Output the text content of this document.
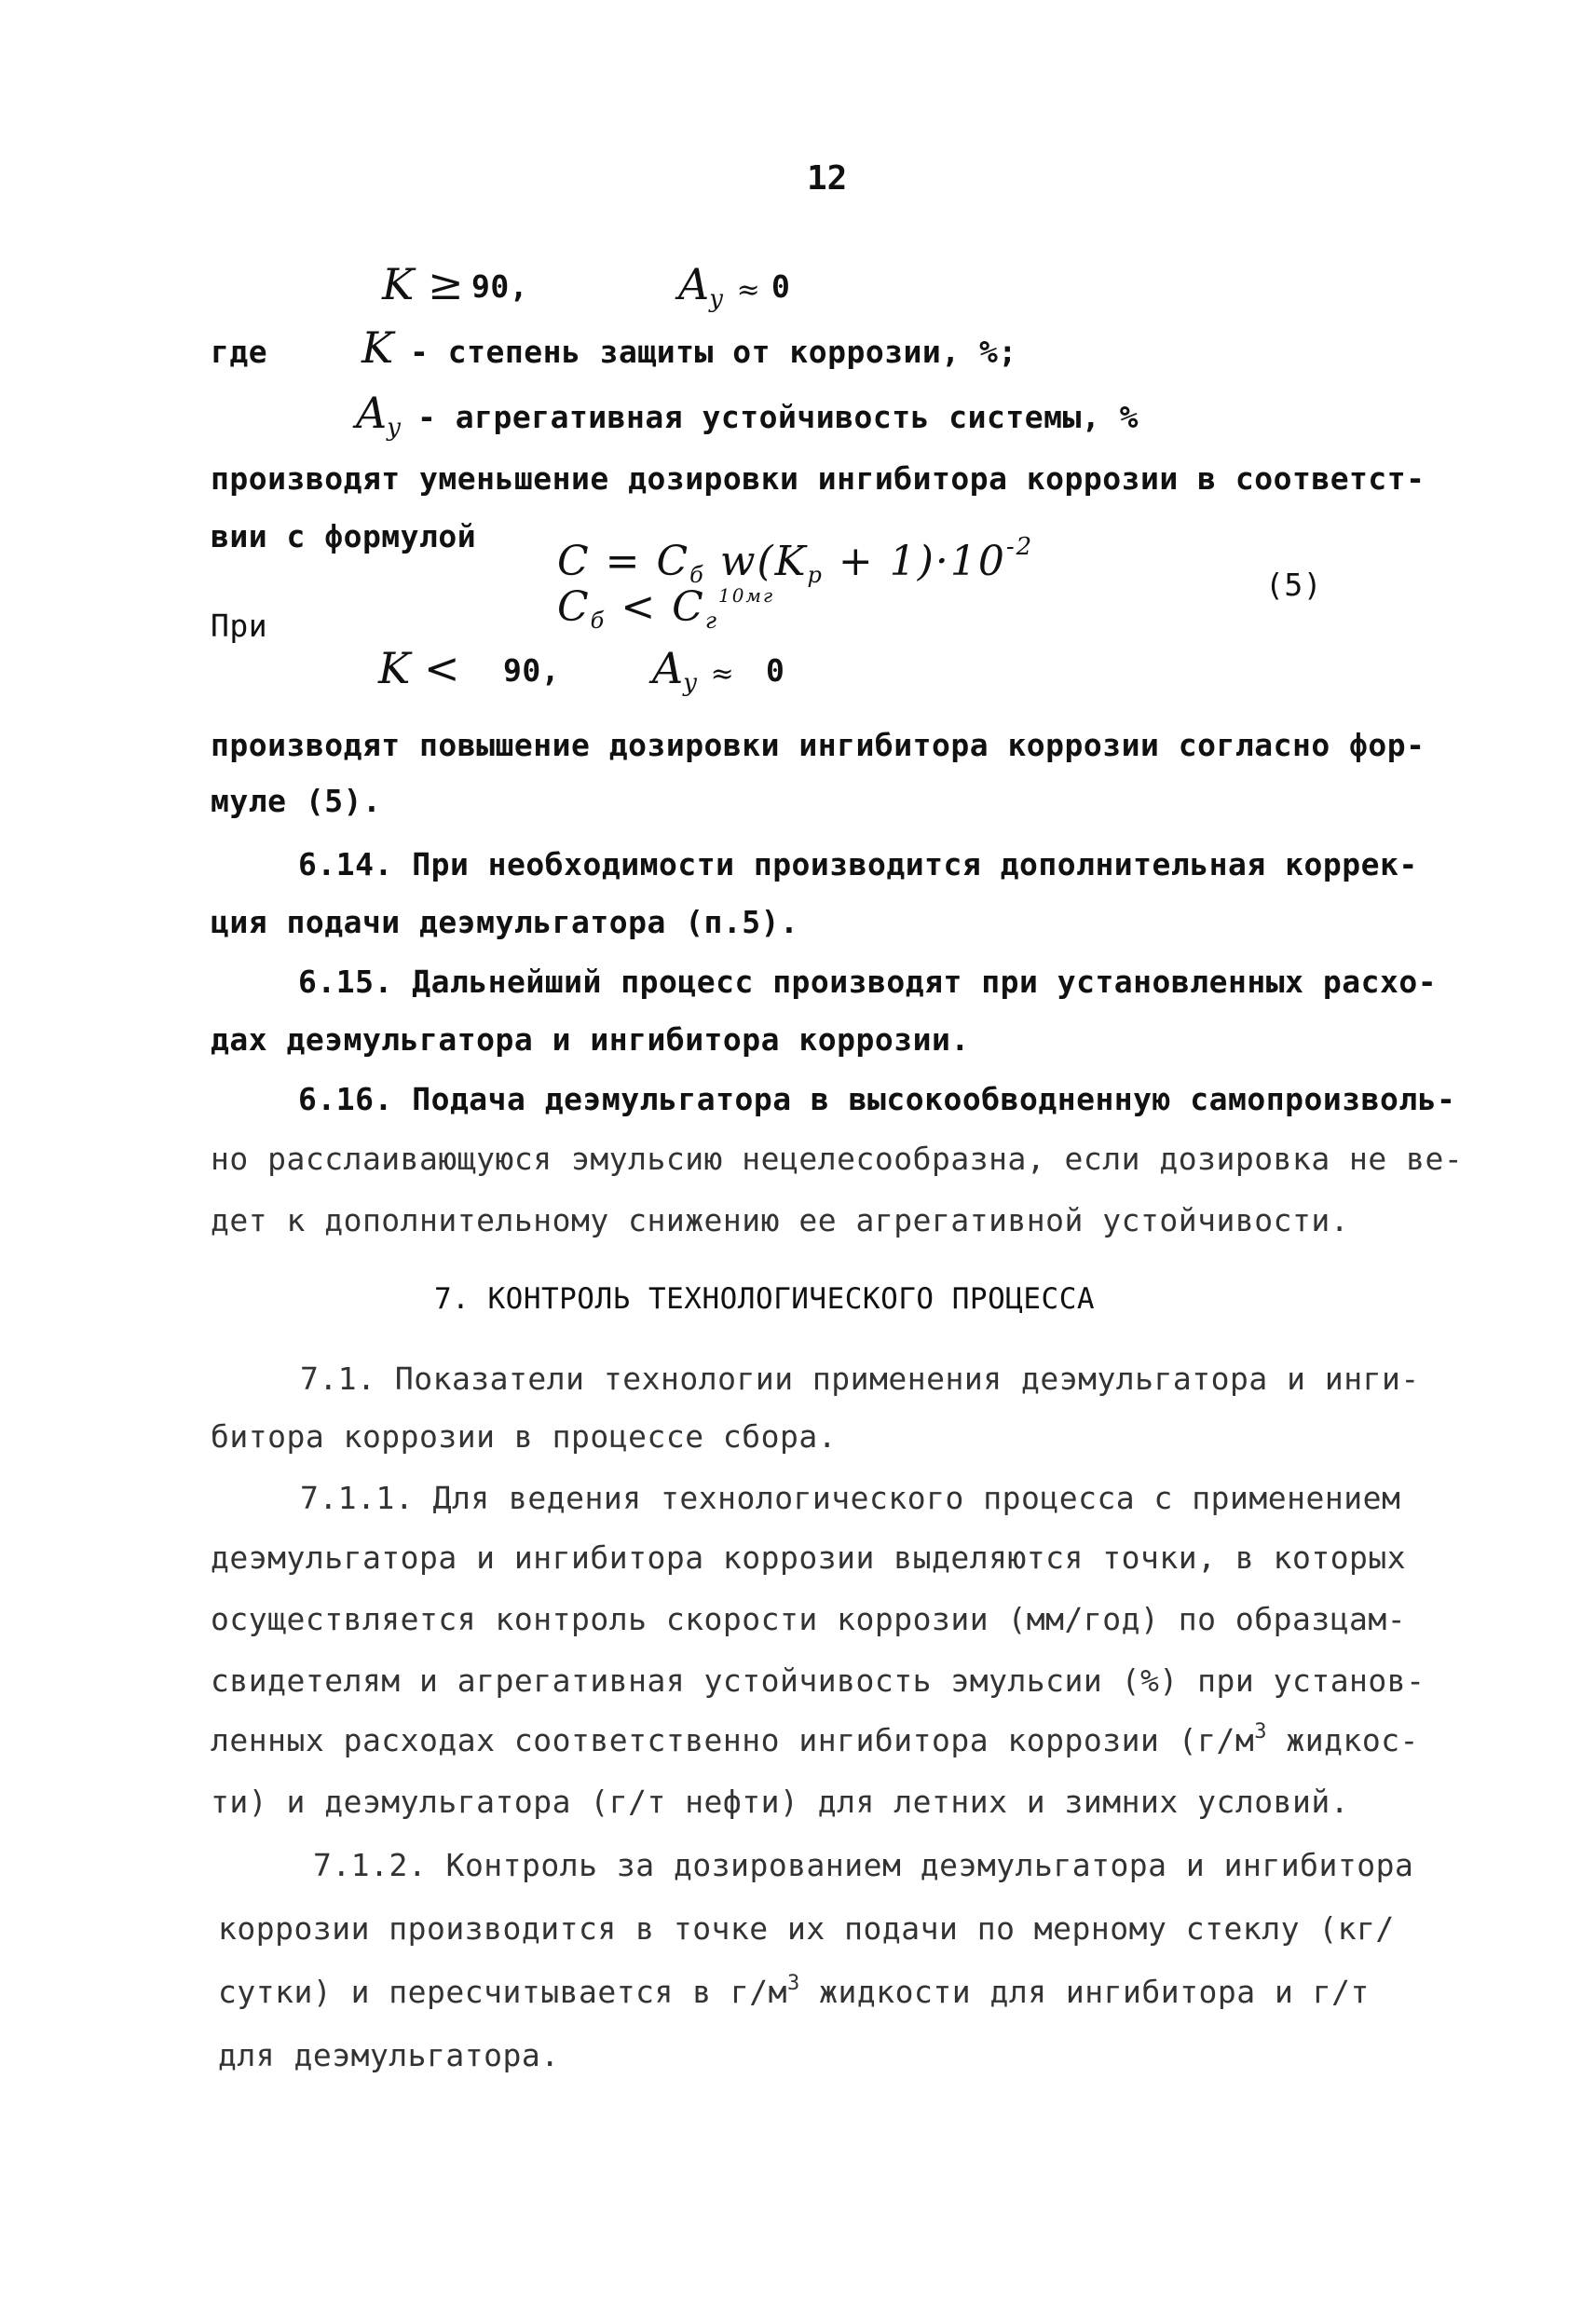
12
K ≥ 90,	$A_y \approx 0$
где K - степень защиты от коррозии, %;
$A_y$ - агрегативная устойчивость системы, %
производят уменьшение дозировки ингибитора коррозии в соответст-
вии с формулой
$C = C_б$ $w(K_p + 1)\cdot 10^{-2}$
$C_б < C_г^{10мг}$	(5)
При
K < 90, $A_y \approx 0$
производят повышение дозировки ингибитора коррозии согласно фор-
муле (5).
6.14. При необходимости производится дополнительная коррек-
ция подачи деэмульгатора (п.5).
6.15. Дальнейший процесс производят при установленных расхо-
дах деэмульгатора и ингибитора коррозии.
6.16. Подача деэмульгатора в высокообводненную самопроизволь-
но расслаивающуюся эмульсию нецелесообразна, если дозировка не ве-
дет к дополнительному снижению ее агрегативной устойчивости.
7. КОНТРОЛЬ ТЕХНОЛОГИЧЕСКОГО ПРОЦЕССА
7.1. Показатели технологии применения деэмульгатора и инги-
битора коррозии в процессе сбора.
7.1.1. Для ведения технологического процесса с применением
деэмульгатора и ингибитора коррозии выделяются точки, в которых
осуществляется контроль скорости коррозии (мм/год) по образцам-
свидетелям и агрегативная устойчивость эмульсии (%) при установ-
ленных расходах соответственно ингибитора коррозии ($г/м^3$ жидкос-
ти) и деэмульгатора (г/т нефти) для летних и зимних условий.
7.1.2. Контроль за дозированием деэмульгатора и ингибитора
коррозии производится в точке их подачи по мерному стеклу (кг/
сутки) и пересчитывается в $г/м^3$ жидкости для ингибитора и г/т
для деэмульгатора.
